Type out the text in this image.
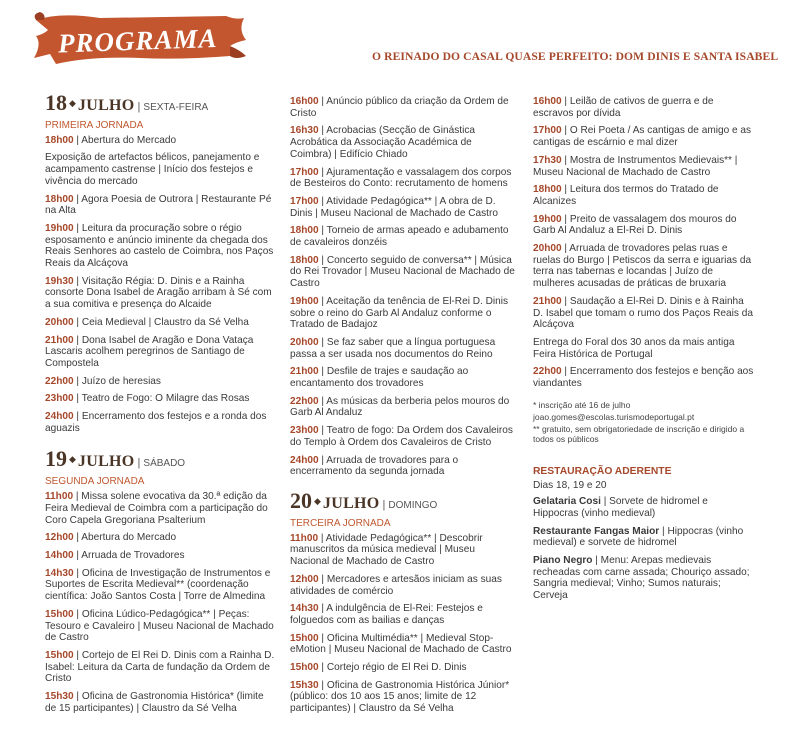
PROGRAMA	O REINADO DO CASAL QUASE PERFEITO: DOM DINIS E SANTA ISABEL
18 ◆ JULHO | SEXTA-FEIRA
PRIMEIRA JORNADA
18h00 | Abertura do Mercado
Exposição de artefactos bélicos, panejamento e acampamento castrense | Início dos festejos e vivência do mercado
18h00 | Agora Poesia de Outrora | Restaurante Pé na Alta
19h00 | Leitura da procuração sobre o régio esposamento e anúncio iminente da chegada dos Reais Senhores ao castelo de Coimbra, nos Paços Reais da Alcáçova
19h30 | Visitação Régia: D. Dinis e a Rainha consorte Dona Isabel de Aragão arribam à Sé com a sua comitiva e presença do Alcaide
20h00 | Ceia Medieval | Claustro da Sé Velha
21h00 | Dona Isabel de Aragão e Dona Vataça Lascaris acolhem peregrinos de Santiago de Compostela
22h00 | Juízo de heresias
23h00 | Teatro de Fogo: O Milagre das Rosas
24h00 | Encerramento dos festejos e a ronda dos aguazis
19 ◆ JULHO | SÁBADO
SEGUNDA JORNADA
11h00 | Missa solene evocativa da 30.ª edição da Feira Medieval de Coimbra com a participação do Coro Capela Gregoriana Psalterium
12h00 | Abertura do Mercado
14h00 | Arruada de Trovadores
14h30 | Oficina de Investigação de Instrumentos e Suportes de Escrita Medieval** (coordenação científica: João Santos Costa | Torre de Almedina
15h00 | Oficina Lúdico-Pedagógica** | Peças: Tesouro e Cavaleiro | Museu Nacional de Machado de Castro
15h00 | Cortejo de El Rei D. Dinis com a Rainha D. Isabel: Leitura da Carta de fundação da Ordem de Cristo
15h30 | Oficina de Gastronomia Histórica* (limite de 15 participantes) | Claustro da Sé Velha
16h00 | Anúncio público da criação da Ordem de Cristo
16h30 | Acrobacias (Secção de Ginástica Acrobática da Associação Académica de Coimbra) | Edifício Chiado
17h00 | Ajuramentação e vassalagem dos corpos de Besteiros do Conto: recrutamento de homens
17h00 | Atividade Pedagógica** | A obra de D. Dinis | Museu Nacional de Machado de Castro
18h00 | Torneio de armas apeado e adubamento de cavaleiros donzéis
18h00 | Concerto seguido de conversa** | Música do Rei Trovador | Museu Nacional de Machado de Castro
19h00 | Aceitação da tenência de El-Rei D. Dinis sobre o reino do Garb Al Andaluz conforme o Tratado de Badajoz
20h00 | Se faz saber que a língua portuguesa passa a ser usada nos documentos do Reino
21h00 | Desfile de trajes e saudação ao encantamento dos trovadores
22h00 | As músicas da berberia pelos mouros do Garb Al Andaluz
23h00 | Teatro de fogo: Da Ordem dos Cavaleiros do Templo à Ordem dos Cavaleiros de Cristo
24h00 | Arruada de trovadores para o encerramento da segunda jornada
20 ◆ JULHO | DOMINGO
TERCEIRA JORNADA
11h00 | Atividade Pedagógica** | Descobrir manuscritos da música medieval | Museu Nacional de Machado de Castro
12h00 | Mercadores e artesãos iniciam as suas atividades de comércio
14h30 | A indulgência de El-Rei: Festejos e folguedos com as bailias e danças
15h00 | Oficina Multimédia** | Medieval Stop-eMotion | Museu Nacional de Machado de Castro
15h00 | Cortejo régio de El Rei D. Dinis
15h30 | Oficina de Gastronomia Histórica Júnior* (público: dos 10 aos 15 anos; limite de 12 participantes) | Claustro da Sé Velha
16h00 | Leilão de cativos de guerra e de escravos por dívida
17h00 | O Rei Poeta / As cantigas de amigo e as cantigas de escárnio e mal dizer
17h30 | Mostra de Instrumentos Medievais** | Museu Nacional de Machado de Castro
18h00 | Leitura dos termos do Tratado de Alcanizes
19h00 | Preito de vassalagem dos mouros do Garb Al Andaluz a El-Rei D. Dinis
20h00 | Arruada de trovadores pelas ruas e ruelas do Burgo | Petiscos da serra e iguarias da terra nas tabernas e locandas | Juízo de mulheres acusadas de práticas de bruxaria
21h00 | Saudação a El-Rei D. Dinis e à Rainha D. Isabel que tomam o rumo dos Paços Reais da Alcáçova
Entrega do Foral dos 30 anos da mais antiga Feira Histórica de Portugal
22h00 | Encerramento dos festejos e benção aos viandantes
* inscrição até 16 de julho
joao.gomes@escolas.turismodeportugal.pt
** gratuito, sem obrigatoriedade de inscrição e dirigido a todos os públicos
RESTAURAÇÃO ADERENTE
Dias 18, 19 e 20
Gelataria Cosi | Sorvete de hidromel e Hippocras (vinho medieval)
Restaurante Fangas Maior | Hippocras (vinho medieval) e sorvete de hidromel
Piano Negro | Menu: Arepas medievais recheadas com carne assada; Chouriço assado; Sangria medieval; Vinho; Sumos naturais; Cerveja
